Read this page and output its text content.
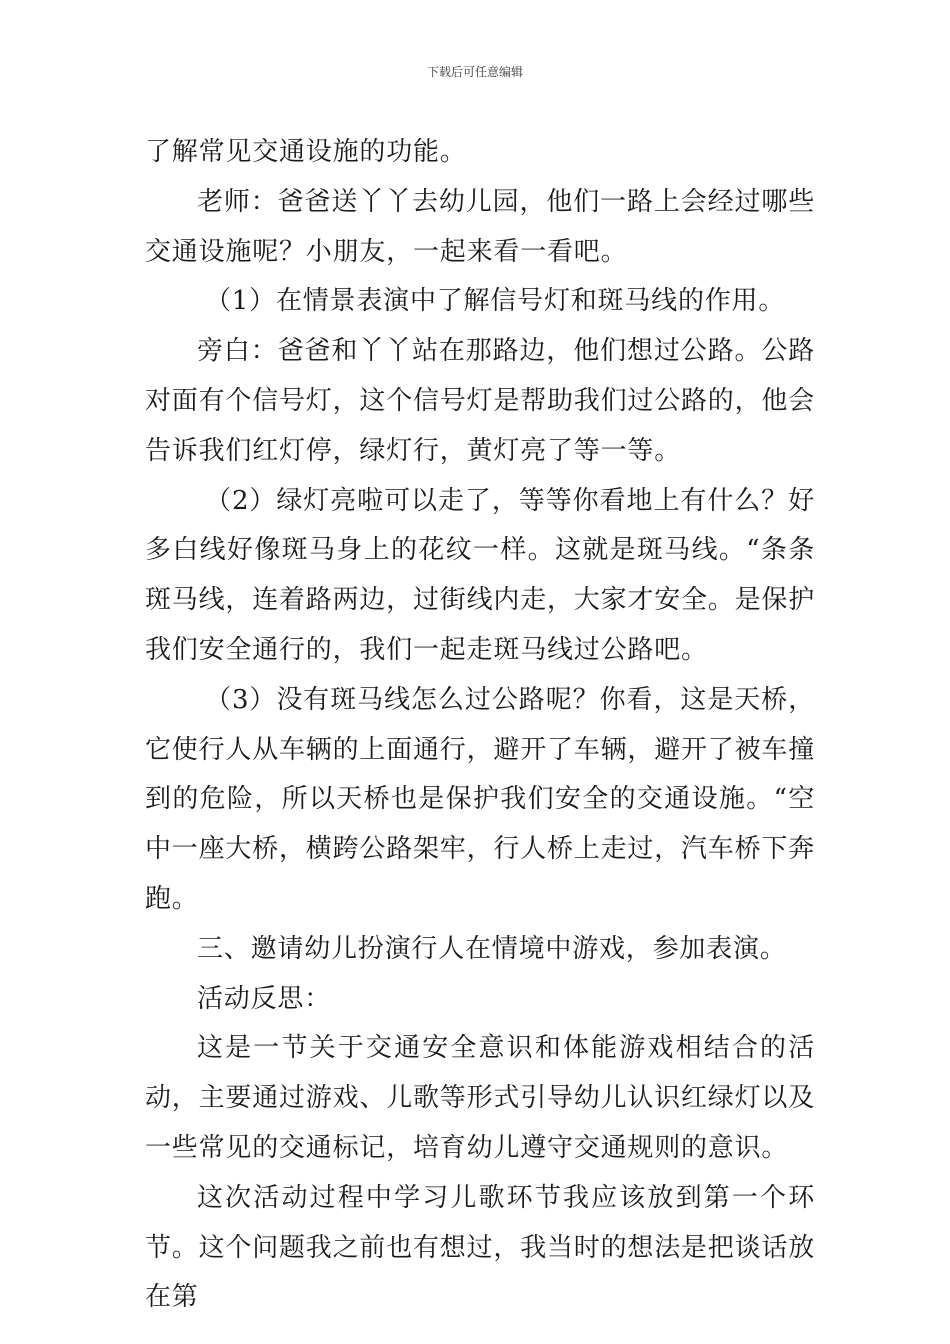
下载后可任意编辑

了解常见交通设施的功能。

老师：爸爸送丫丫去幼儿园，他们一路上会经过哪些交通设施呢？小朋友，一起来看一看吧。

（1）在情景表演中了解信号灯和斑马线的作用。

旁白：爸爸和丫丫站在那路边，他们想过公路。公路对面有个信号灯，这个信号灯是帮助我们过公路的，他会告诉我们红灯停，绿灯行，黄灯亮了等一等。

（2）绿灯亮啦可以走了，等等你看地上有什么？好多白线好像斑马身上的花纹一样。这就是斑马线。“条条斑马线，连着路两边，过街线内走，大家才安全。是保护我们安全通行的，我们一起走斑马线过公路吧。

（3）没有斑马线怎么过公路呢？你看，这是天桥，它使行人从车辆的上面通行，避开了车辆，避开了被车撞到的危险，所以天桥也是保护我们安全的交通设施。“空中一座大桥，横跨公路架牢，行人桥上走过，汽车桥下奔跑。

三、邀请幼儿扮演行人在情境中游戏，参加表演。

活动反思：

这是一节关于交通安全意识和体能游戏相结合的活动，主要通过游戏、儿歌等形式引导幼儿认识红绿灯以及一些常见的交通标记，培育幼儿遵守交通规则的意识。

这次活动过程中学习儿歌环节我应该放到第一个环节。这个问题我之前也有想过，我当时的想法是把谈话放在第
